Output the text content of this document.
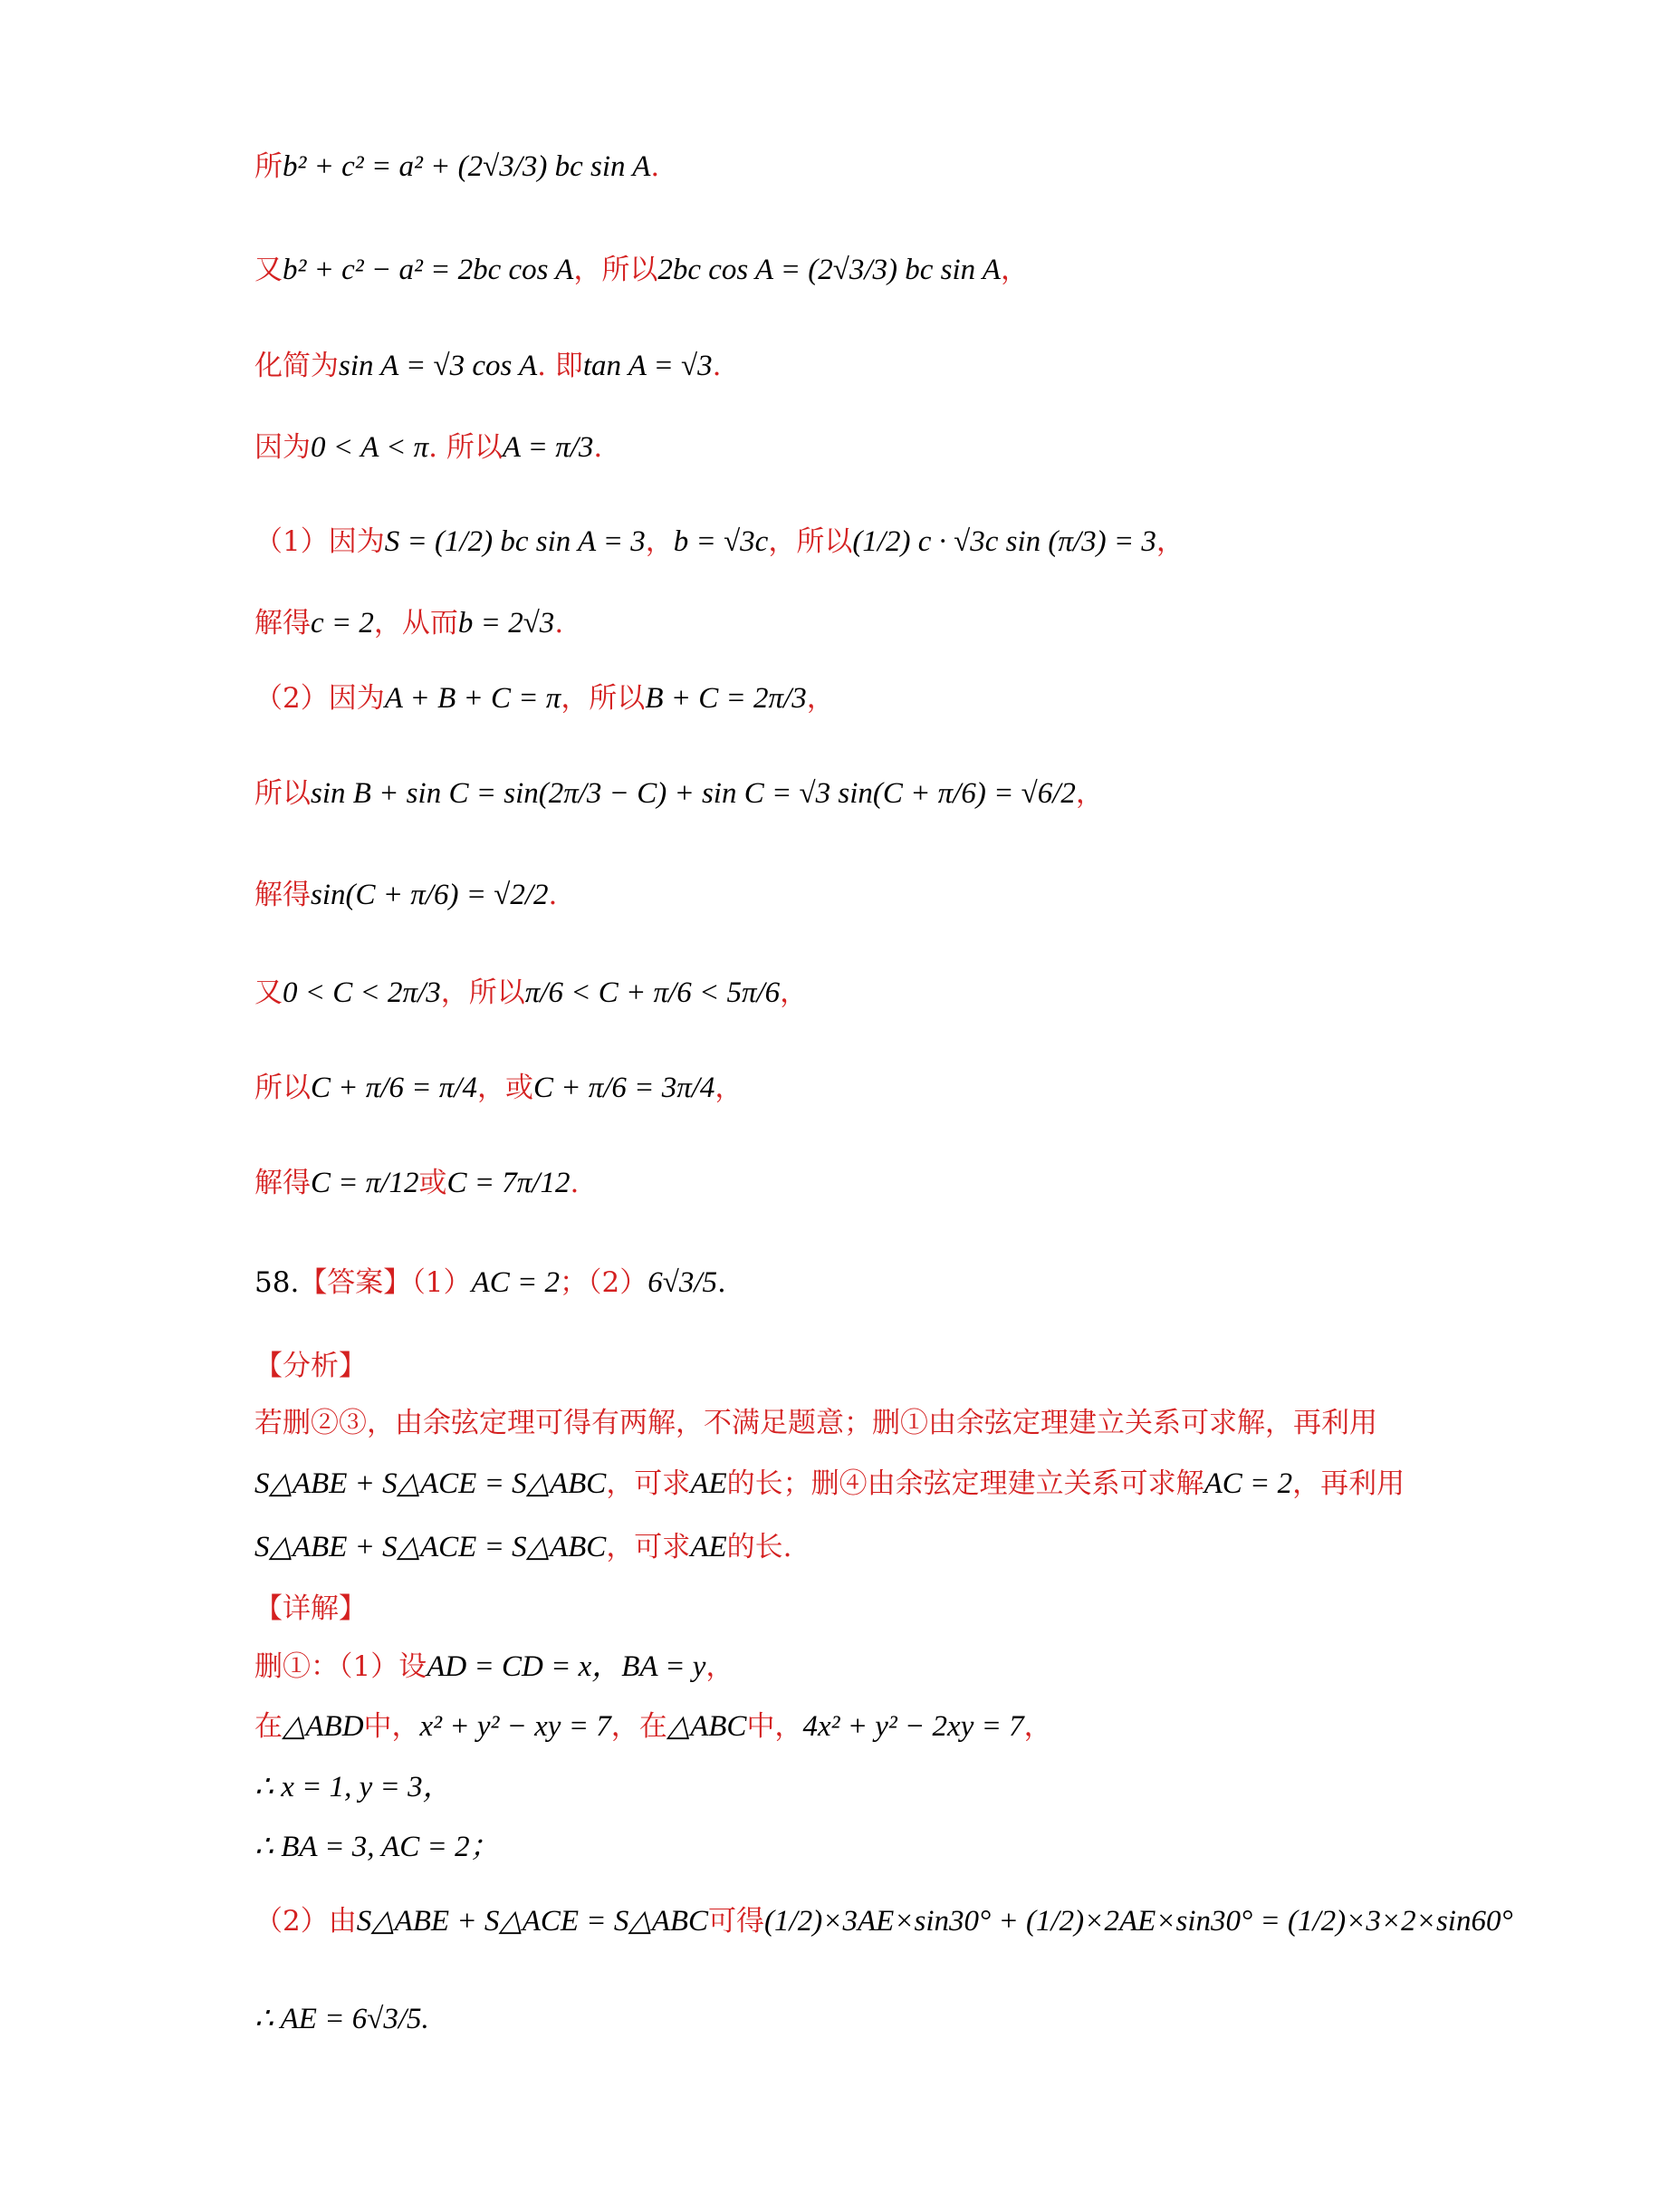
所b² + c² = a² + (2√3/3) bc sin A.
又b² + c² − a² = 2bc cos A，所以2bc cos A = (2√3/3) bc sin A，
化简为sin A = √3 cos A. 即tan A = √3.
因为0 < A < π. 所以A = π/3.
（1）因为S = (1/2) bc sin A = 3，b = √3c，所以(1/2) c · √3c sin (π/3) = 3，
解得c = 2，从而b = 2√3.
（2）因为A + B + C = π，所以B + C = 2π/3，
所以sin B + sin C = sin(2π/3 − C) + sin C = √3 sin(C + π/6) = √6/2，
解得sin(C + π/6) = √2/2.
又0 < C < 2π/3，所以π/6 < C + π/6 < 5π/6，
所以C + π/6 = π/4，或C + π/6 = 3π/4，
解得C = π/12或C = 7π/12.
58.【答案】（1）AC = 2；（2）6√3/5.
【分析】
若删②③，由余弦定理可得有两解，不满足题意；删①由余弦定理建立关系可求解，再利用
S△ABE + S△ACE = S△ABC，可求AE的长；删④由余弦定理建立关系可求解AC = 2，再利用
S△ABE + S△ACE = S△ABC，可求AE的长.
【详解】
删①：（1）设AD = CD = x，BA = y，
在△ABD中，x² + y² − xy = 7，在△ABC中，4x² + y² − 2xy = 7，
∴ x = 1, y = 3，
∴ BA = 3, AC = 2；
（2）由S△ABE + S△ACE = S△ABC可得(1/2)×3AE×sin30° + (1/2)×2AE×sin30° = (1/2)×3×2×sin60°
∴ AE = 6√3/5.
